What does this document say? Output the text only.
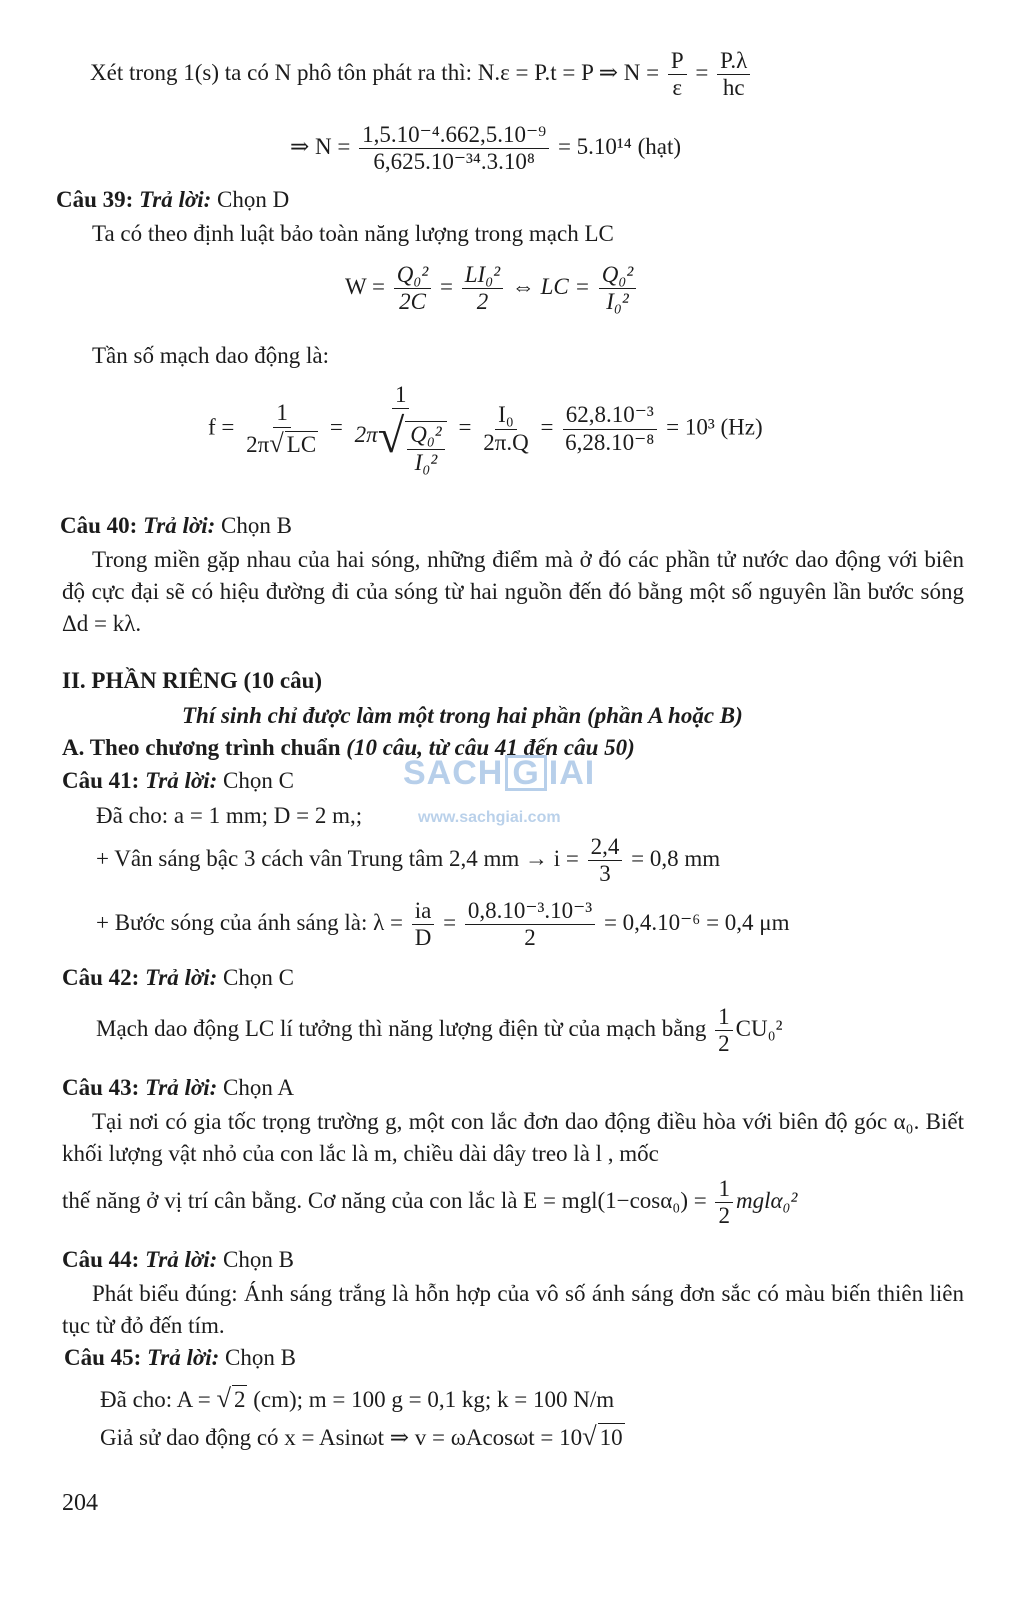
Xét trong 1(s) ta có N phô tôn phát ra thì: N.ε = P.t = P ⇒ $N = \frac{P}{\varepsilon} = \frac{P.\lambda}{hc}$
⇒ $N = \frac{\text{1,5.10⁻⁴.662,5.10⁻⁹}}{\text{6,625.10⁻³⁴.3.10⁸}} = 5.10^{14}$ (hạt)
Câu 39: Trả lời: Chọn D
Ta có theo định luật bảo toàn năng lượng trong mạch LC
$W = \frac{\text{Q₀²}}{2C} = \frac{\text{LI₀²}}{2}$ ⇔ LC = $\frac{\text{Q₀²}}{\text{I₀²}}$
Tần số mạch dao động là:
$f = \frac{1}{2\pi√ LC} = \frac{1}{2\pi√ \frac{\text{Q₀²}}{\text{I₀²}}} = \frac{\text{I₀}}{2\pi.Q} = \frac{\text{62,8.10⁻³}}{\text{6,28.10⁻⁸}} = 10^3$ (Hz)
Câu 40: Trả lời: Chọn B
Trong miền gặp nhau của hai sóng, những điểm mà ở đó các phần tử nước dao động với biên độ cực đại sẽ có hiệu đường đi của sóng từ hai nguồn đến đó bằng một số nguyên lần bước sóng Δd = kλ.
II. PHẦN RIÊNG (10 câu)
Thí sinh chỉ được làm một trong hai phần (phần A hoặc B)
A. Theo chương trình chuẩn (10 câu, từ câu 41 đến câu 50)
SACH G IAI
www.sachgiai.com
Câu 41: Trả lời: Chọn C
Đã cho: a = 1 mm; D = 2 m,;
+ Vân sáng bậc 3 cách vân Trung tâm 2,4 mm → $i = \frac{2,4}{3} = 0,8$ mm
+ Bước sóng của ánh sáng là: $\lambda = \frac{ia}{D} = \frac{\text{0,8.10⁻³.10⁻³}}{2} = 0,4.10^{-6} = 0,4$ μm
Câu 42: Trả lời: Chọn C
Mạch dao động LC lí tưởng thì năng lượng điện từ của mạch bằng $\frac{1}{2} CU_0^2$
Câu 43: Trả lời: Chọn A
Tại nơi có gia tốc trọng trường g, một con lắc đơn dao động điều hòa với biên độ góc α₀. Biết khối lượng vật nhỏ của con lắc là m, chiều dài dây treo là l , mốc
thế năng ở vị trí cân bằng. Cơ năng của con lắc là $E = mgl(1-\cos\alpha_0) = \frac{1}{2} mgl\alpha_0^2$
Câu 44: Trả lời: Chọn B
Phát biểu đúng: Ánh sáng trắng là hỗn hợp của vô số ánh sáng đơn sắc có màu biến thiên liên tục từ đỏ đến tím.
Câu 45: Trả lời: Chọn B
Đã cho: A = √ 2 (cm); m = 100 g = 0,1 kg; k = 100 N/m
Giả sử dao động có x = Asinωt ⇒ v = ωAcosωt = 10√ 10
204
